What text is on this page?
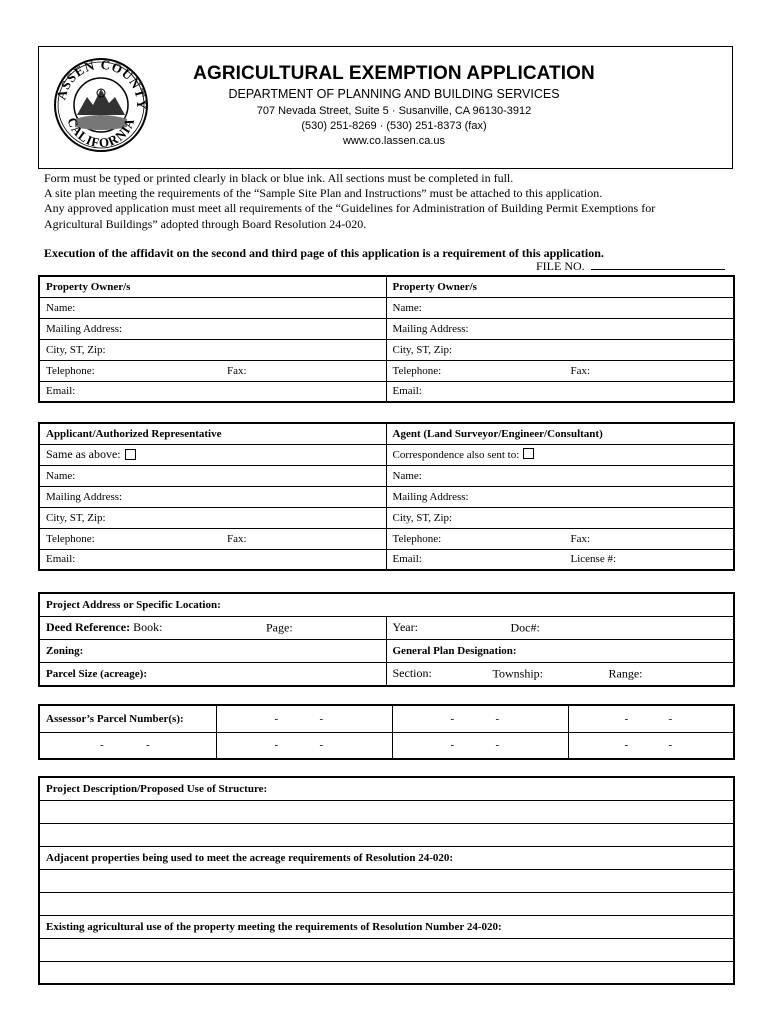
ASSEN COUNTY
CALIFORNIA
AGRICULTURAL EXEMPTION APPLICATION
DEPARTMENT OF PLANNING AND BUILDING SERVICES
707 Nevada Street, Suite 5 · Susanville, CA 96130-3912
(530) 251-8269 · (530) 251-8373 (fax)
www.co.lassen.ca.us
Form must be typed or printed clearly in black or blue ink. All sections must be completed in full.
A site plan meeting the requirements of the “Sample Site Plan and Instructions” must be attached to this application.
Any approved application must meet all requirements of the “Guidelines for Administration of Building Permit Exemptions for
Agricultural Buildings” adopted through Board Resolution 24-020.
Execution of the affidavit on the second and third page of this application is a requirement of this application.
FILE NO.
Property Owner/s	Property Owner/s
Name:	Name:
Mailing Address:	Mailing Address:
City, ST, Zip:	City, ST, Zip:
Telephone: Fax:	Telephone: Fax:

Email:	Email:
Applicant/Authorized Representative	Agent (Land Surveyor/Engineer/Consultant)
Same as above:	Correspondence also sent to:
Name:	Name:
Mailing Address:	Mailing Address:
City, ST, Zip:	City, ST, Zip:
Telephone: Fax:	Telephone: Fax:

Email:	Email: License #:
Project Address or Specific Location:	
Deed Reference: Book: Page:	Year: Doc#:

Zoning:	General Plan Designation:
Parcel Size (acreage):	Section: Township: Range:
Assessor’s Parcel Number(s):	- -	- -	- -

- -	- -	- -	- -
Project Description/Proposed Use of Structure:

Adjacent properties being used to meet the acreage requirements of Resolution 24-020:

Existing agricultural use of the property meeting the requirements of Resolution Number 24-020:
